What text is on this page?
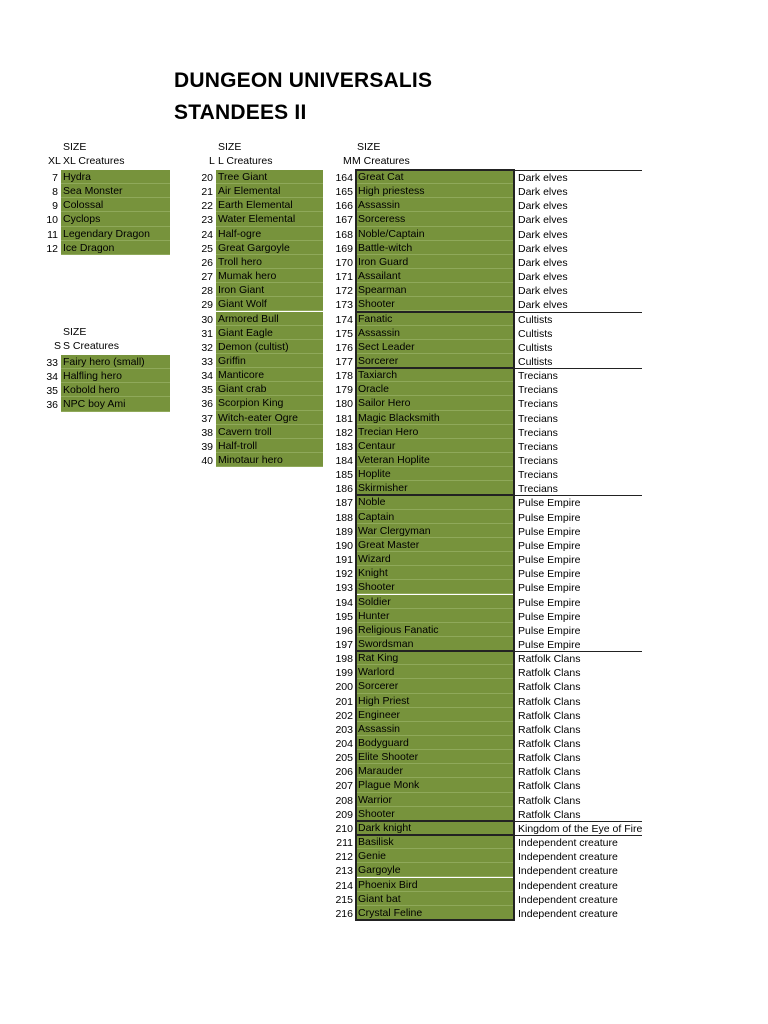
DUNGEON UNIVERSALIS
STANDEES II
SIZE
XL XL Creatures
7 Hydra
8 Sea Monster
9 Colossal
10 Cyclops
11 Legendary Dragon
12 Ice Dragon
SIZE
S S Creatures
33 Fairy hero (small)
34 Halfling hero
35 Kobold hero
36 NPC boy Ami
SIZE
L L Creatures
20 Tree Giant
21 Air Elemental
22 Earth Elemental
23 Water Elemental
24 Half-ogre
25 Great Gargoyle
26 Troll hero
27 Mumak hero
28 Iron Giant
29 Giant Wolf
30 Armored Bull
31 Giant Eagle
32 Demon (cultist)
33 Griffin
34 Manticore
35 Giant crab
36 Scorpion King
37 Witch-eater Ogre
38 Cavern troll
39 Half-troll
40 Minotaur hero
SIZE
M M Creatures
164 Great Cat	Dark elves
165 High priestess	Dark elves
166 Assassin	Dark elves
167 Sorceress	Dark elves
168 Noble/Captain	Dark elves
169 Battle-witch	Dark elves
170 Iron Guard	Dark elves
171 Assailant	Dark elves
172 Spearman	Dark elves
173 Shooter	Dark elves
174 Fanatic	Cultists
175 Assassin	Cultists
176 Sect Leader	Cultists
177 Sorcerer	Cultists
178 Taxiarch	Trecians
179 Oracle	Trecians
180 Sailor Hero	Trecians
181 Magic Blacksmith	Trecians
182 Trecian Hero	Trecians
183 Centaur	Trecians
184 Veteran Hoplite	Trecians
185 Hoplite	Trecians
186 Skirmisher	Trecians
187 Noble	Pulse Empire
188 Captain	Pulse Empire
189 War Clergyman	Pulse Empire
190 Great Master	Pulse Empire
191 Wizard	Pulse Empire
192 Knight	Pulse Empire
193 Shooter	Pulse Empire
194 Soldier	Pulse Empire
195 Hunter	Pulse Empire
196 Religious Fanatic	Pulse Empire
197 Swordsman	Pulse Empire
198 Rat King	Ratfolk Clans
199 Warlord	Ratfolk Clans
200 Sorcerer	Ratfolk Clans
201 High Priest	Ratfolk Clans
202 Engineer	Ratfolk Clans
203 Assassin	Ratfolk Clans
204 Bodyguard	Ratfolk Clans
205 Elite Shooter	Ratfolk Clans
206 Marauder	Ratfolk Clans
207 Plague Monk	Ratfolk Clans
208 Warrior	Ratfolk Clans
209 Shooter	Ratfolk Clans
210 Dark knight	Kingdom of the Eye of Fire
211 Basilisk	Independent creature
212 Genie	Independent creature
213 Gargoyle	Independent creature
214 Phoenix Bird	Independent creature
215 Giant bat	Independent creature
216 Crystal Feline	Independent creature
